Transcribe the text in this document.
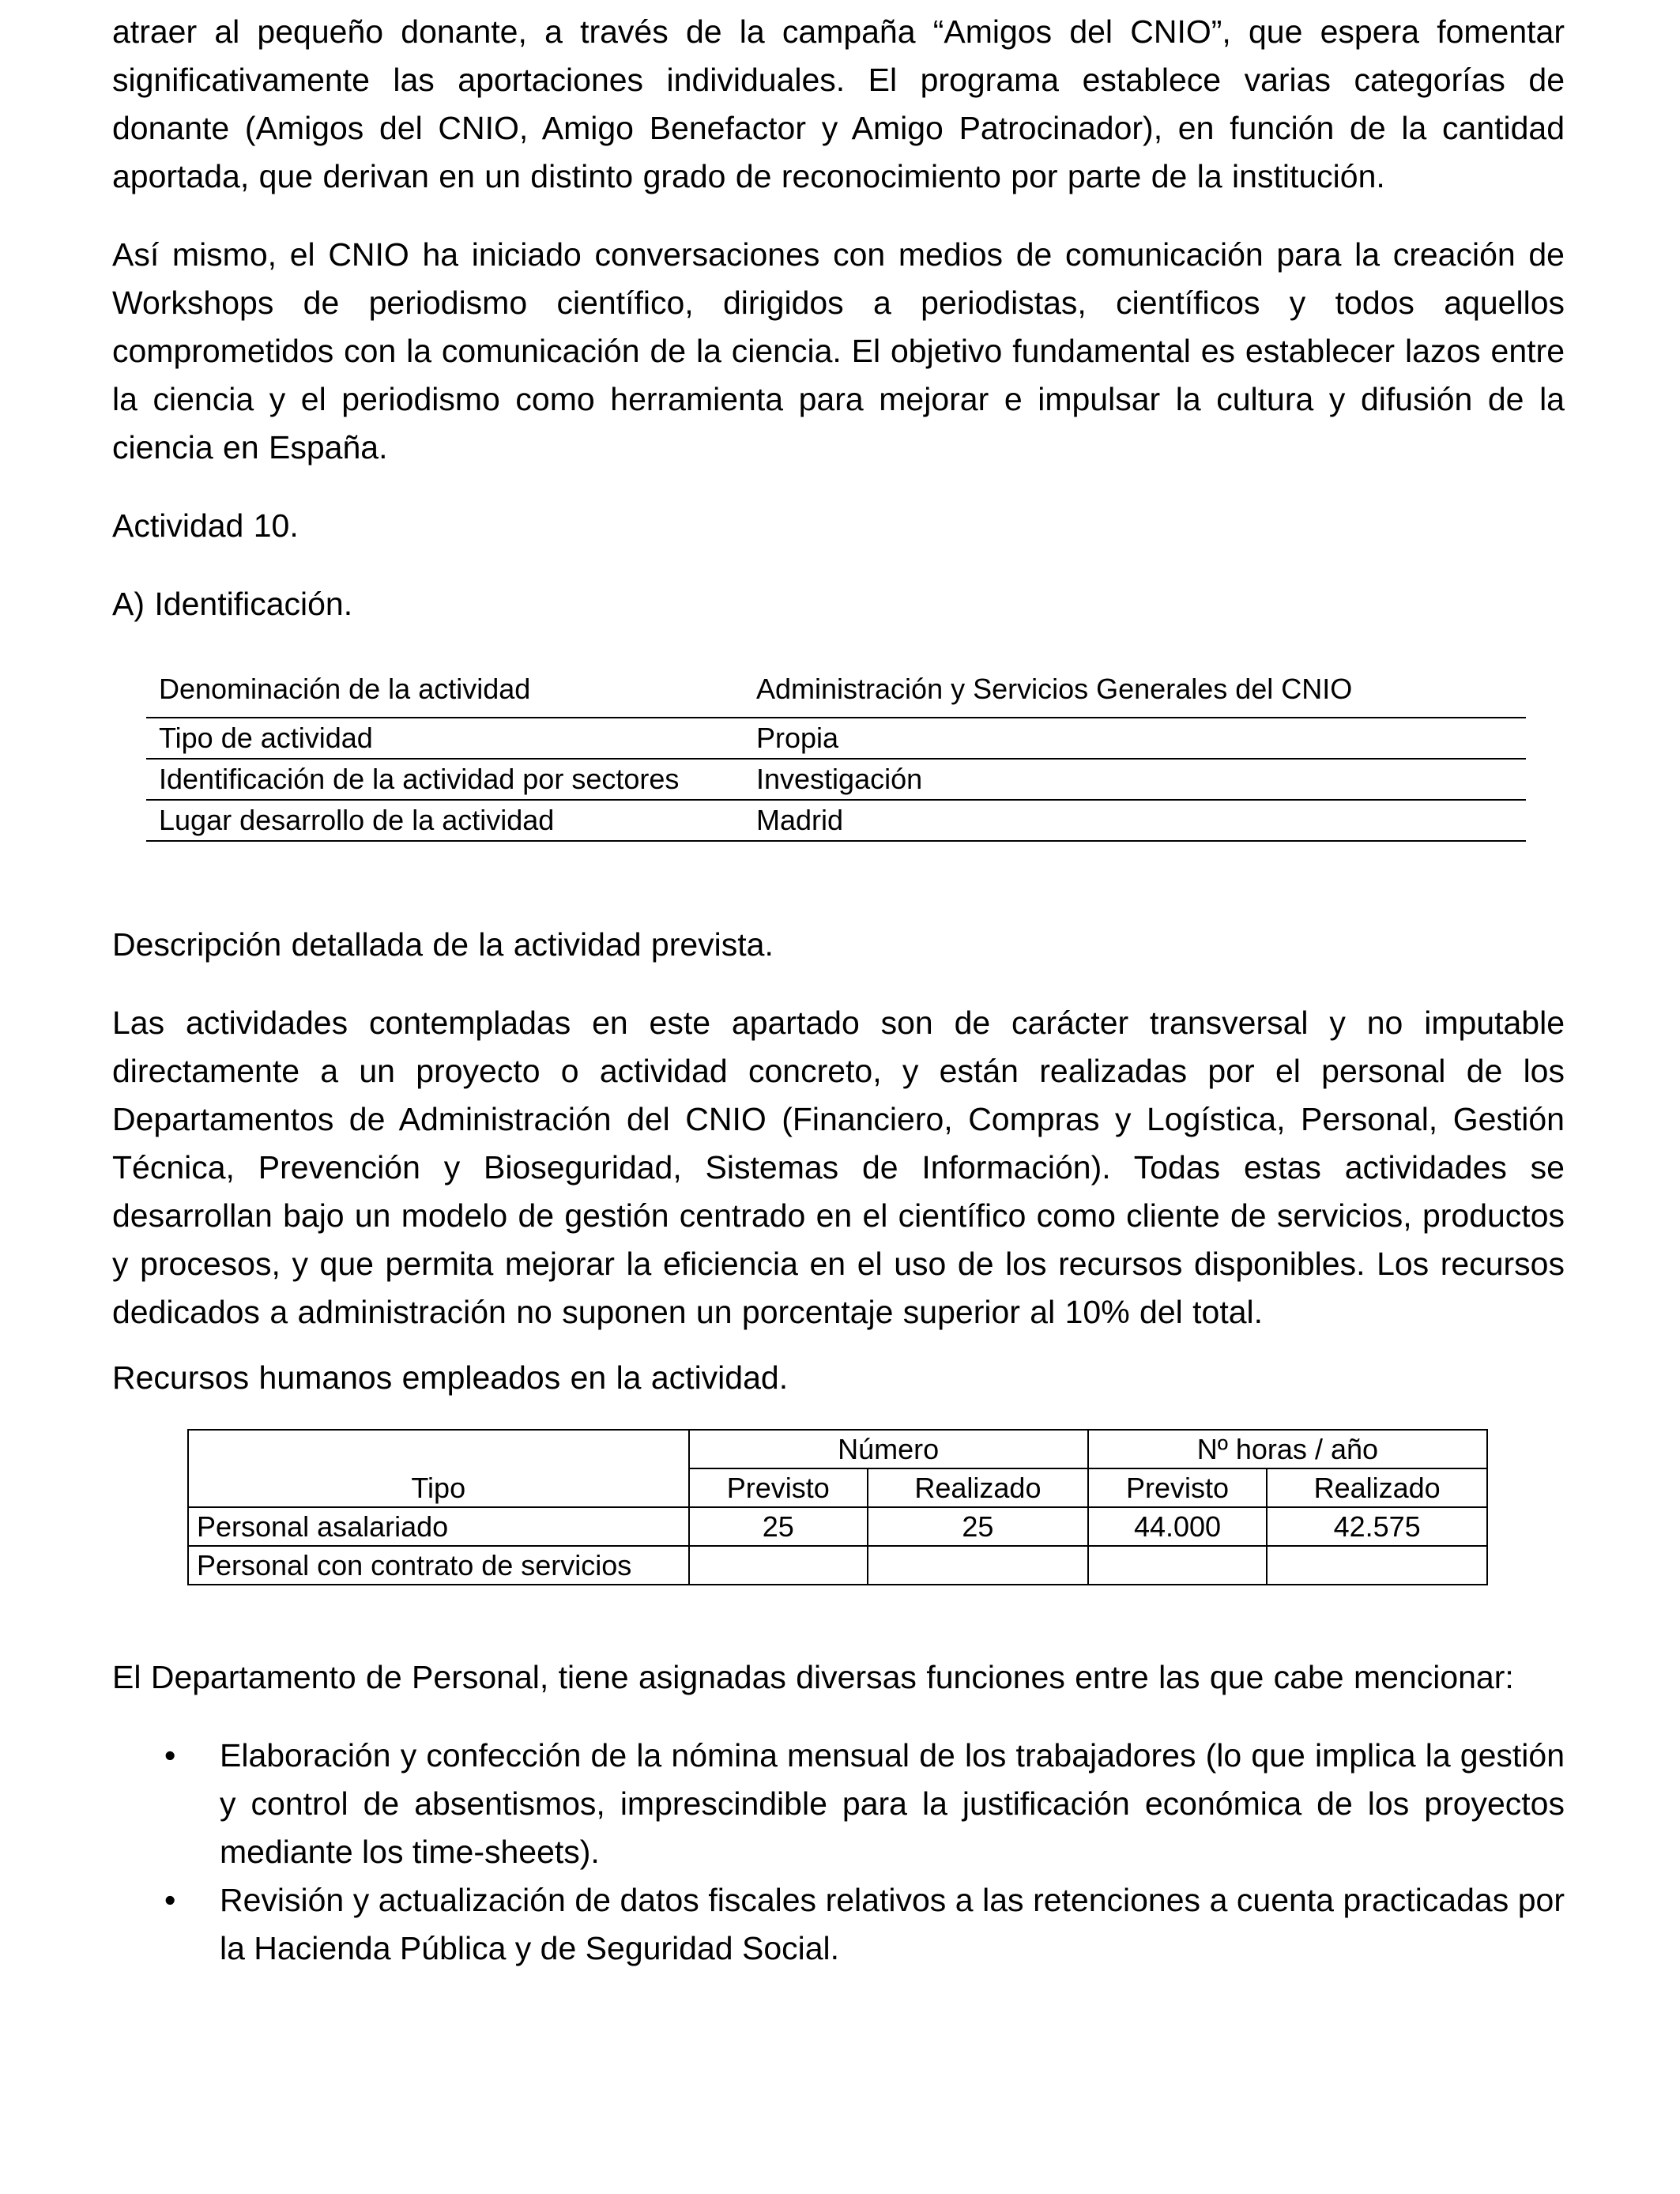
atraer al pequeño donante, a través de la campaña “Amigos del CNIO”, que espera fomentar significativamente las aportaciones individuales. El programa establece varias categorías de donante (Amigos del CNIO, Amigo Benefactor y Amigo Patrocinador), en función de la cantidad aportada, que derivan en un distinto grado de reconocimiento por parte de la institución.

Así mismo, el CNIO ha iniciado conversaciones con medios de comunicación para la creación de Workshops de periodismo científico, dirigidos a periodistas, científicos y todos aquellos comprometidos con la comunicación de la ciencia. El objetivo fundamental es establecer lazos entre la ciencia y el periodismo como herramienta para mejorar e impulsar la cultura y difusión de la ciencia en España.

Actividad 10.

A) Identificación.

Denominación de la actividad	Administración y Servicios Generales del CNIO
Tipo de actividad	Propia
Identificación de la actividad por sectores	Investigación
Lugar desarrollo de la actividad	Madrid

Descripción detallada de la actividad prevista.

Las actividades contempladas en este apartado son de carácter transversal y no imputable directamente a un proyecto o actividad concreto, y están realizadas por el personal de los Departamentos de Administración del CNIO (Financiero, Compras y Logística, Personal, Gestión Técnica, Prevención y Bioseguridad, Sistemas de Información). Todas estas actividades se desarrollan bajo un modelo de gestión centrado en el científico como cliente de servicios, productos y procesos, y que permita mejorar la eficiencia en el uso de los recursos disponibles. Los recursos dedicados a administración no suponen un porcentaje superior al 10% del total.

Recursos humanos empleados en la actividad.

	Número		Nº horas / año	
Tipo	Previsto	Realizado	Previsto	Realizado
Personal asalariado	25	25	44.000	42.575
Personal con contrato de servicios				

El Departamento de Personal, tiene asignadas diversas funciones entre las que cabe mencionar:

• Elaboración y confección de la nómina mensual de los trabajadores (lo que implica la gestión y control de absentismos, imprescindible para la justificación económica de los proyectos mediante los time-sheets).
• Revisión y actualización de datos fiscales relativos a las retenciones a cuenta practicadas por la Hacienda Pública y de Seguridad Social.
